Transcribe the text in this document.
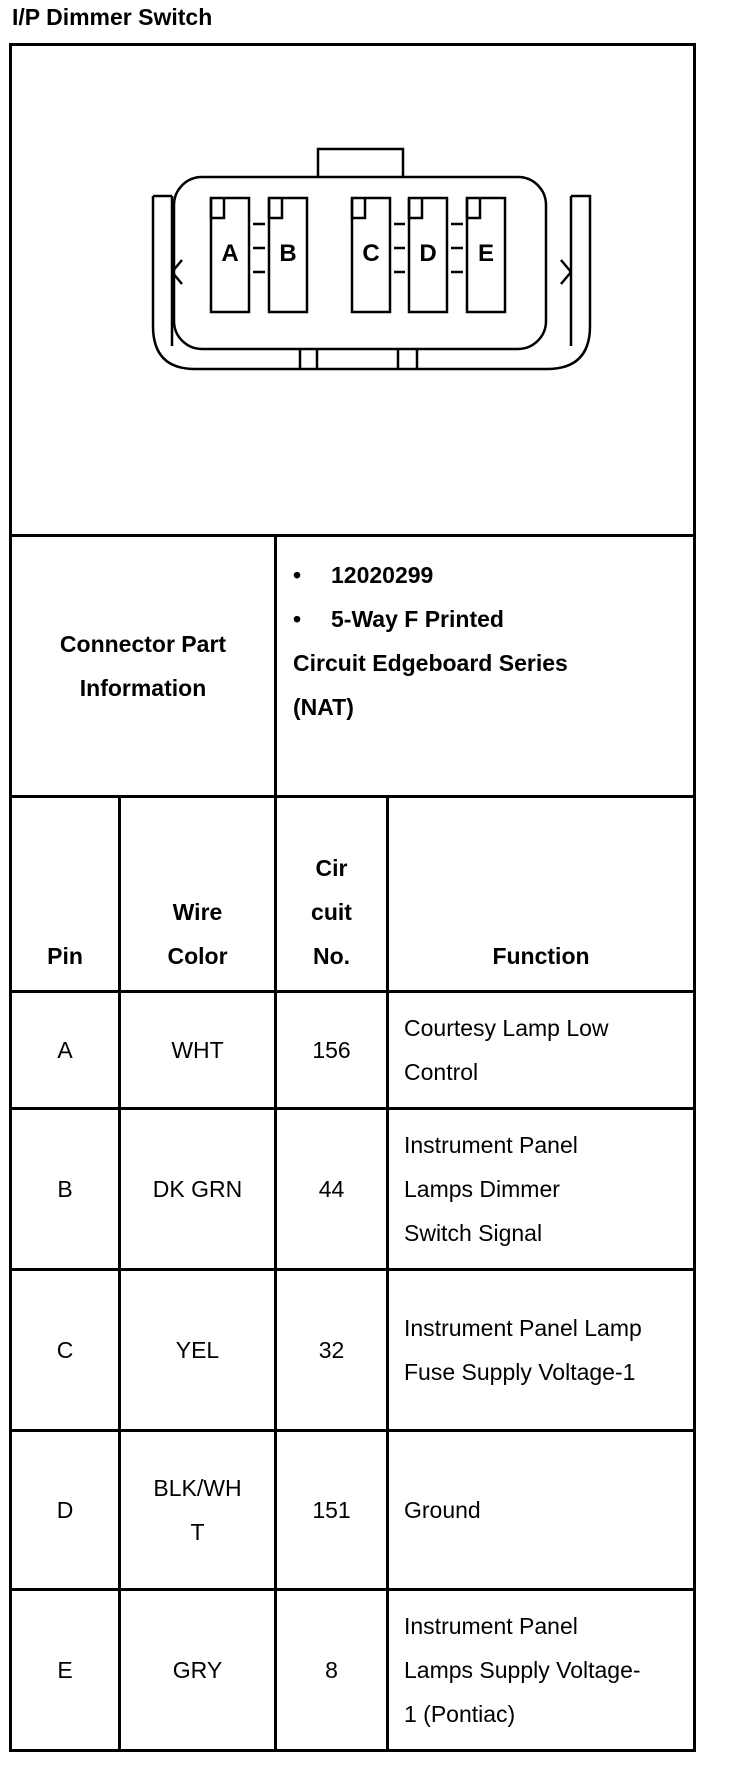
I/P Dimmer Switch
A B C D E			

Connector Part Information		• 12020299
• 5-Way F Printed
Circuit Edgeboard Series (NAT)	

Pin	Wire Color	Cir cuit No.	Function
A	WHT	156	Courtesy Lamp Low Control
B	DK GRN	44	Instrument Panel Lamps Dimmer Switch Signal
C	YEL	32	Instrument Panel Lamp Fuse Supply Voltage-1
D	BLK/WHT	151	Ground
E	GRY	8	Instrument Panel Lamps Supply Voltage-1 (Pontiac)
